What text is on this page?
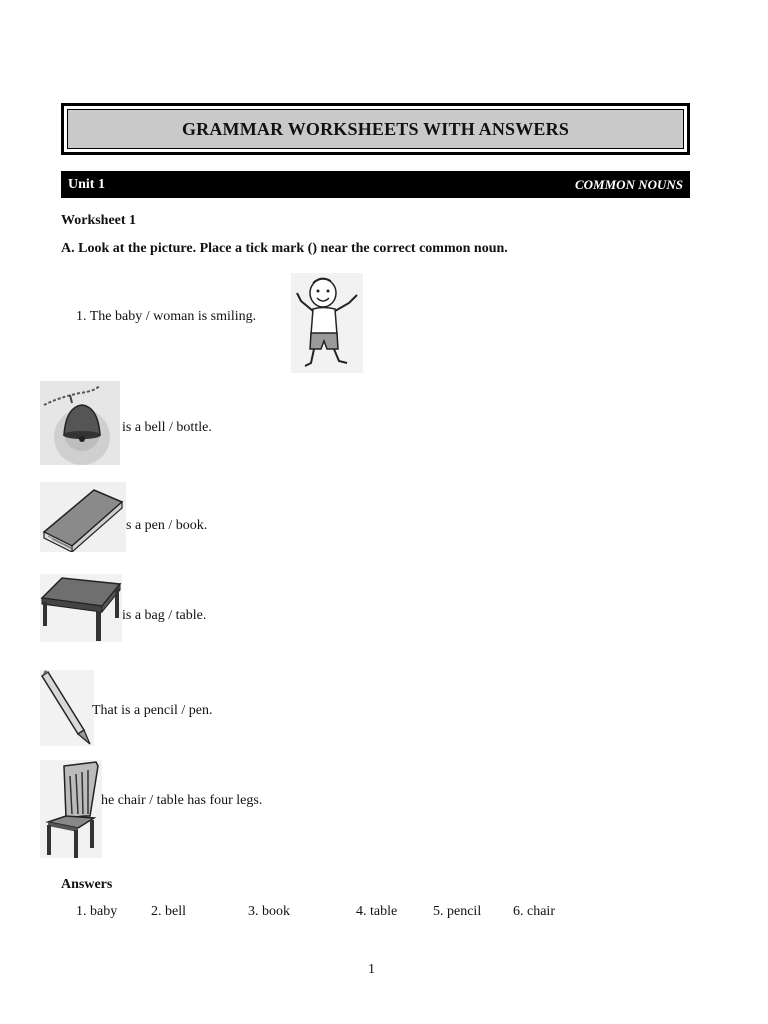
GRAMMAR WORKSHEETS WITH ANSWERS
Unit 1	COMMON NOUNS
Worksheet 1
A. Look at the picture. Place a tick mark () near the correct common noun.
1. The baby / woman is smiling.
is a bell / bottle.
s a pen / book.
is a bag / table.
That is a pencil / pen.
he chair / table has four legs.
Answers
1. baby 2. bell	3. book	4. table	5. pencil 6. chair
1
